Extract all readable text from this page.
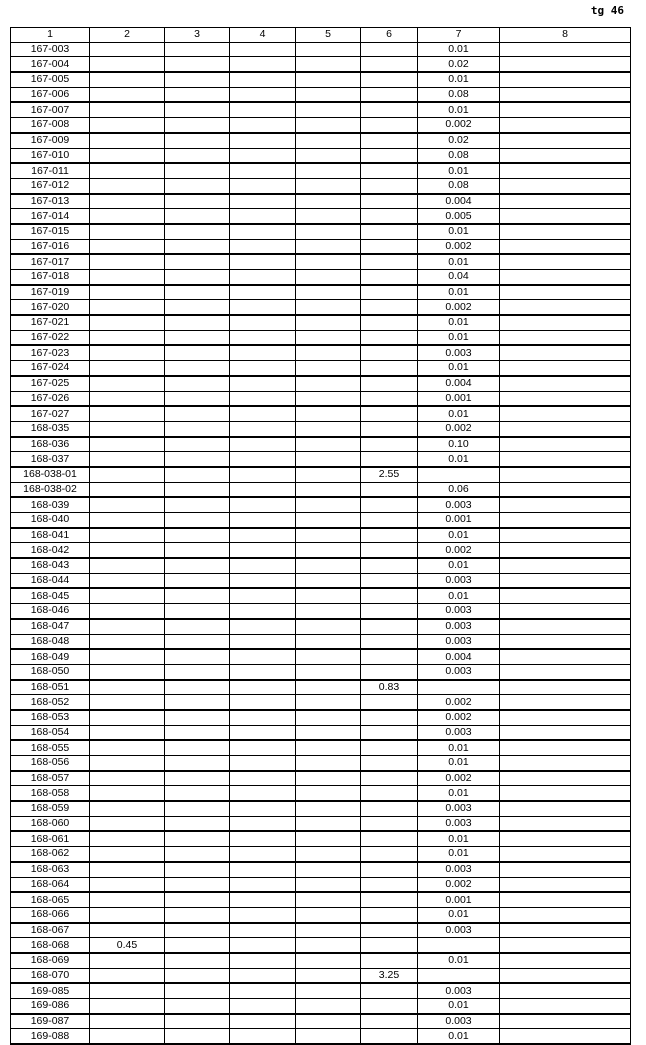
tg 46
1	2	3	4	5	6	7	8
167-003						0.01	
167-004						0.02	
167-005						0.01	
167-006						0.08	
167-007						0.01	
167-008						0.002	
167-009						0.02	
167-010						0.08	
167-011						0.01	
167-012						0.08	
167-013						0.004	
167-014						0.005	
167-015						0.01	
167-016						0.002	
167-017						0.01	
167-018						0.04	
167-019						0.01	
167-020						0.002	
167-021						0.01	
167-022						0.01	
167-023						0.003	
167-024						0.01	
167-025						0.004	
167-026						0.001	
167-027						0.01	
168-035						0.002	
168-036						0.10	
168-037						0.01	
168-038-01					2.55		
168-038-02						0.06	
168-039						0.003	
168-040						0.001	
168-041						0.01	
168-042						0.002	
168-043						0.01	
168-044						0.003	
168-045						0.01	
168-046						0.003	
168-047						0.003	
168-048						0.003	
168-049						0.004	
168-050						0.003	
168-051					0.83		
168-052						0.002	
168-053						0.002	
168-054						0.003	
168-055						0.01	
168-056						0.01	
168-057						0.002	
168-058						0.01	
168-059						0.003	
168-060						0.003	
168-061						0.01	
168-062						0.01	
168-063						0.003	
168-064						0.002	
168-065						0.001	
168-066						0.01	
168-067						0.003	
168-068	0.45						
168-069						0.01	
168-070					3.25		
169-085						0.003	
169-086						0.01	
169-087						0.003	
169-088						0.01	
